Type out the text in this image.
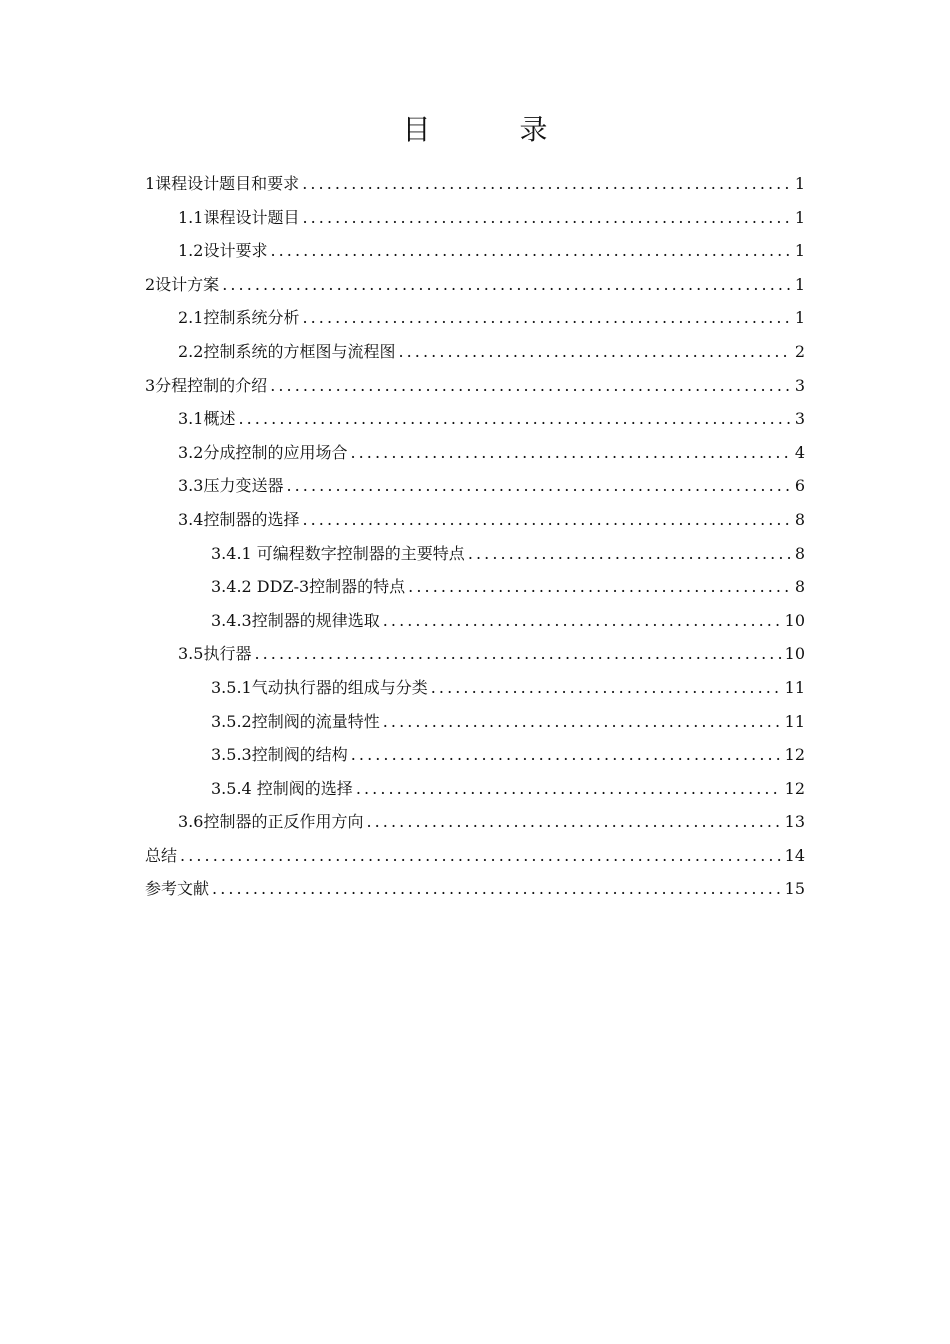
目 录
1课程设计题目和要求 . . .	1
1.1课程设计题目 . . .	1
1.2设计要求 . . .	1
2设计方案 . . .	1
2.1控制系统分析 . . .	1
2.2控制系统的方框图与流程图 . . .	2
3分程控制的介绍 . . .	3
3.1概述 . . .	3
3.2分成控制的应用场合 . . .	4
3.3压力变送器 . . .	6
3.4控制器的选择 . . .	8
3.4.1 可编程数字控制器的主要特点 . . .	8
3.4.2 DDZ-3控制器的特点 . . .	8
3.4.3控制器的规律选取 . . .	10
3.5执行器 . . .	10
3.5.1气动执行器的组成与分类 . . .	11
3.5.2控制阀的流量特性 . . .	11
3.5.3控制阀的结构 . . .	12
3.5.4 控制阀的选择 . . .	12
3.6控制器的正反作用方向 . . .	13
总结 . . .	14
参考文献 . . .	15
